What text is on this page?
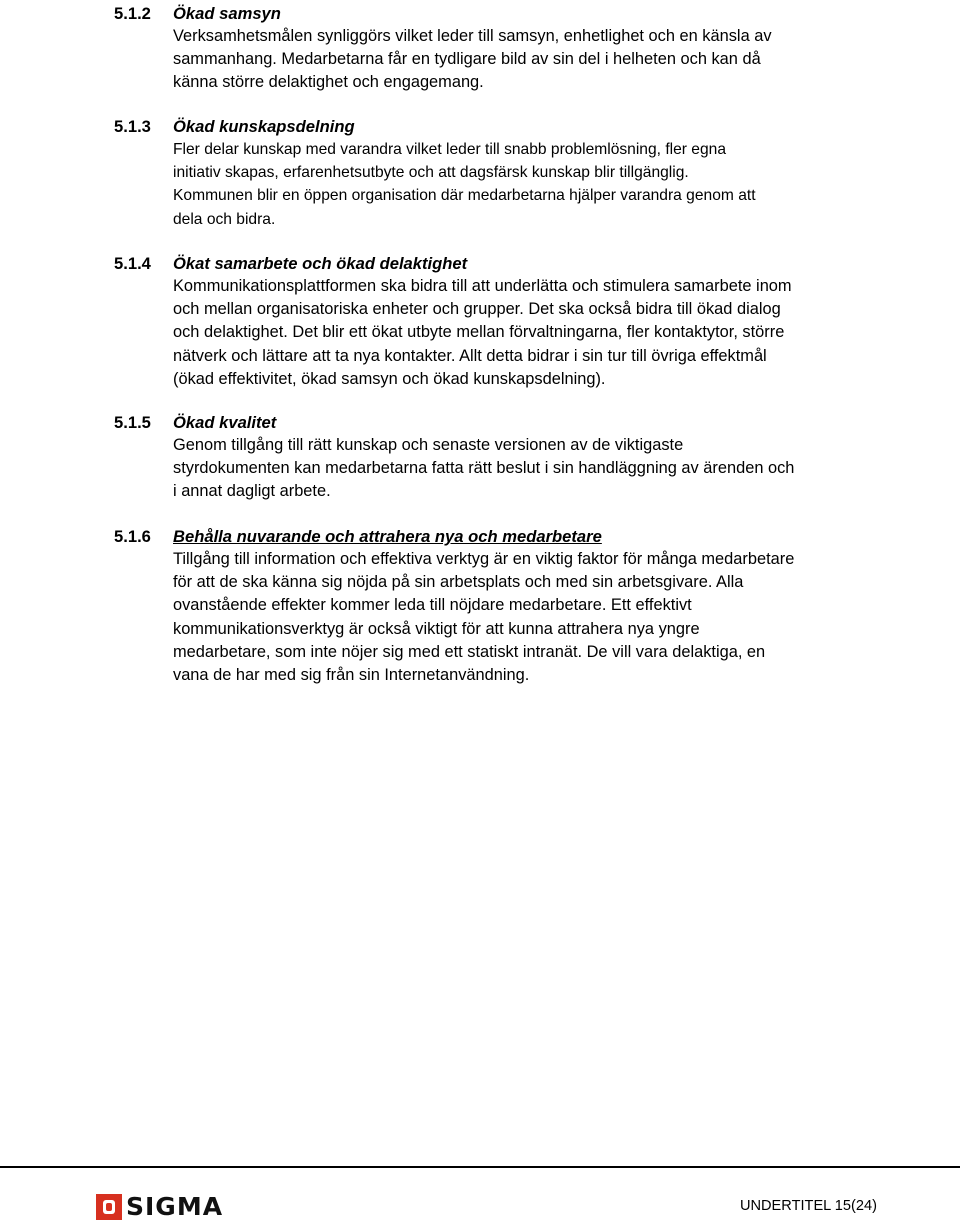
5.1.2 Ökad samsyn

Verksamhetsmålen synliggörs vilket leder till samsyn, enhetlighet och en känsla av
sammanhang. Medarbetarna får en tydligare bild av sin del i helheten och kan då
känna större delaktighet och engagemang.

5.1.3 Ökad kunskapsdelning

Fler delar kunskap med varandra vilket leder till snabb problemlösning, fler egna
initiativ skapas, erfarenhetsutbyte och att dagsfärsk kunskap blir tillgänglig.

Kommunen blir en öppen organisation där medarbetarna hjälper varandra genom att
dela och bidra.

5.1.4 Ökat samarbete och ökad delaktighet

Kommunikationsplattformen ska bidra till att underlätta och stimulera samarbete inom
och mellan organisatoriska enheter och grupper. Det ska också bidra till ökad dialog
och delaktighet. Det blir ett ökat utbyte mellan förvaltningarna, fler kontaktytor, större
nätverk och lättare att ta nya kontakter. Allt detta bidrar i sin tur till övriga effektmål
(ökad effektivitet, ökad samsyn och ökad kunskapsdelning).

5.1.5 Ökad kvalitet

Genom tillgång till rätt kunskap och senaste versionen av de viktigaste
styrdokumenten kan medarbetarna fatta rätt beslut i sin handläggning av ärenden och
i annat dagligt arbete.

5.1.6 Behålla nuvarande och attrahera nya och medarbetare

Tillgång till information och effektiva verktyg är en viktig faktor för många medarbetare
för att de ska känna sig nöjda på sin arbetsplats och med sin arbetsgivare. Alla
ovanstående effekter kommer leda till nöjdare medarbetare. Ett effektivt
kommunikationsverktyg är också viktigt för att kunna attrahera nya yngre
medarbetare, som inte nöjer sig med ett statiskt intranät. De vill vara delaktiga, en
vana de har med sig från sin Internetanvändning.

SIGMA	UNDERTITEL 15(24)
